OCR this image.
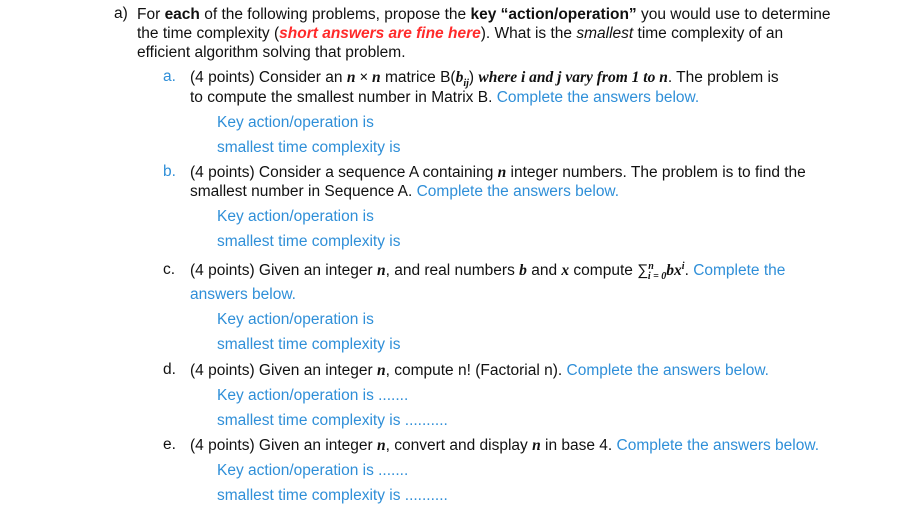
a) For each of the following problems, propose the key “action/operation” you would use to determine
the time complexity (short answers are fine here). What is the smallest time complexity of an
efficient algorithm solving that problem.
a. (4 points) Consider an n × n matrice $B(b_{ij})$ where i and j vary from 1 to n. The problem is
to compute the smallest number in Matrix B. Complete the answers below.
Key action/operation is
smallest time complexity is
b. (4 points) Consider a sequence A containing n integer numbers. The problem is to find the
smallest number in Sequence A. Complete the answers below.
Key action/operation is
smallest time complexity is
c. (4 points) Given an integer n, and real numbers b and x compute $\sum^n_{i = 0}bx^i$. Complete the
answers below.
Key action/operation is
smallest time complexity is
d. (4 points) Given an integer n, compute n! (Factorial n). Complete the answers below.
Key action/operation is .......
smallest time complexity is ..........
e. (4 points) Given an integer n, convert and display n in base 4. Complete the answers below.
Key action/operation is .......
smallest time complexity is ..........
